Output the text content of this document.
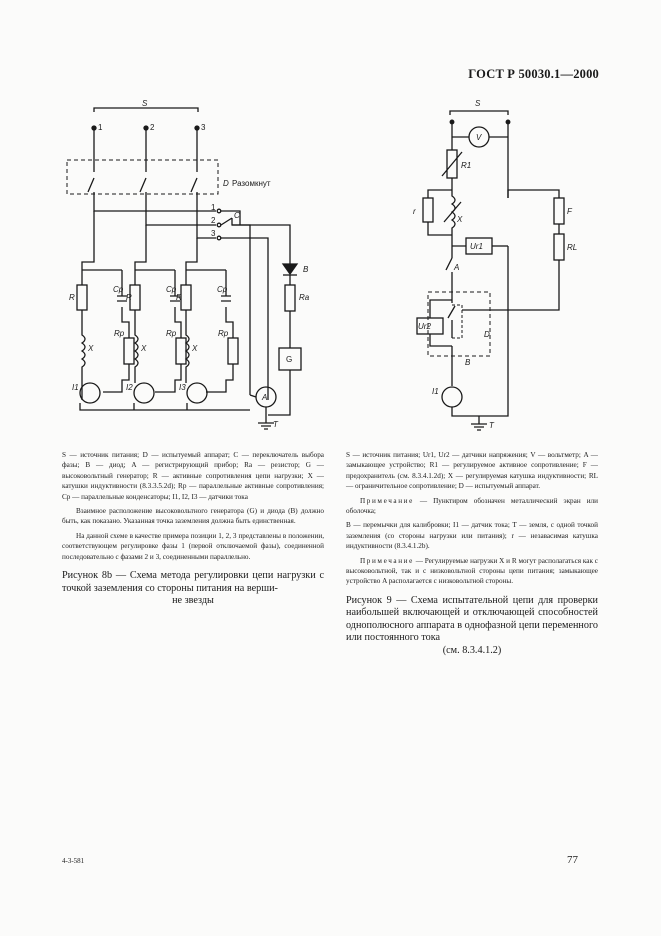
ГОСТ Р 50030.1—2000
S
1	2	3
D Разомкнут
1
C
2
3
B
Ra
G
A
T
R
Cp
Rp
X
R
Cp
Rp
X
R
Cp
Rp
X
I1	I2	I3
S
V
R1
r
X
F
Ur1	RL
A
Ur2
D
B
I1
T

S — источник питания; D — испытуемый аппарат; C — переключатель выбора фазы; B — диод; A — регистрирующий прибор; Ra — резистор; G — высоковольтный генератор; R — активные сопротивления цепи нагрузки; X — катушки индуктивности (8.3.3.5.2d); Rp — параллельные активные сопротивления; Cp — параллельные конденсаторы; I1, I2, I3 — датчики тока

Взаимное расположение высоковольтного генератора (G) и диода (B) должно быть, как показано. Указанная точка заземления должна быть единственная.

На данной схеме в качестве примера позиции 1, 2, 3 представлены в положении, соответствующем регулировке фазы 1 (первой отключаемой фазы), соединенной последовательно с фазами 2 и 3, соединенными параллельно.

Рисунок 8b — Схема метода регулировки цепи нагрузки с точкой заземления со стороны питания на верши-
не звезды

S — источник питания; Ur1, Ur2 — датчики напряжения; V — вольтметр; A — замыкающее устройство; R1 — регулируемое активное сопротивление; F — предохранитель (см. 8.3.4.1.2d); X — регулируемая катушка индуктивности; RL — ограничительное сопротивление; D — испытуемый аппарат.

Примечание — Пунктиром обозначен металлический экран или оболочка;

B — перемычки для калибровки; I1 — датчик тока; T — земля, с одной точкой заземления (со стороны нагрузки или питания); r — незавасимая катушка индуктивности (8.3.4.1.2b).

Примечание — Регулируемые нагрузки X и R могут располагаться как с высоковольтной, так и с низковольтной стороны цепи питания; замыкающее устройство A располагается с низковольтной стороны.

Рисунок 9 — Схема испытательной цепи для проверки наибольшей включающей и отключающей способностей однополюсного аппарата в однофазной цепи переменного или постоянного тока
(см. 8.3.4.1.2)
4-3-581	77
